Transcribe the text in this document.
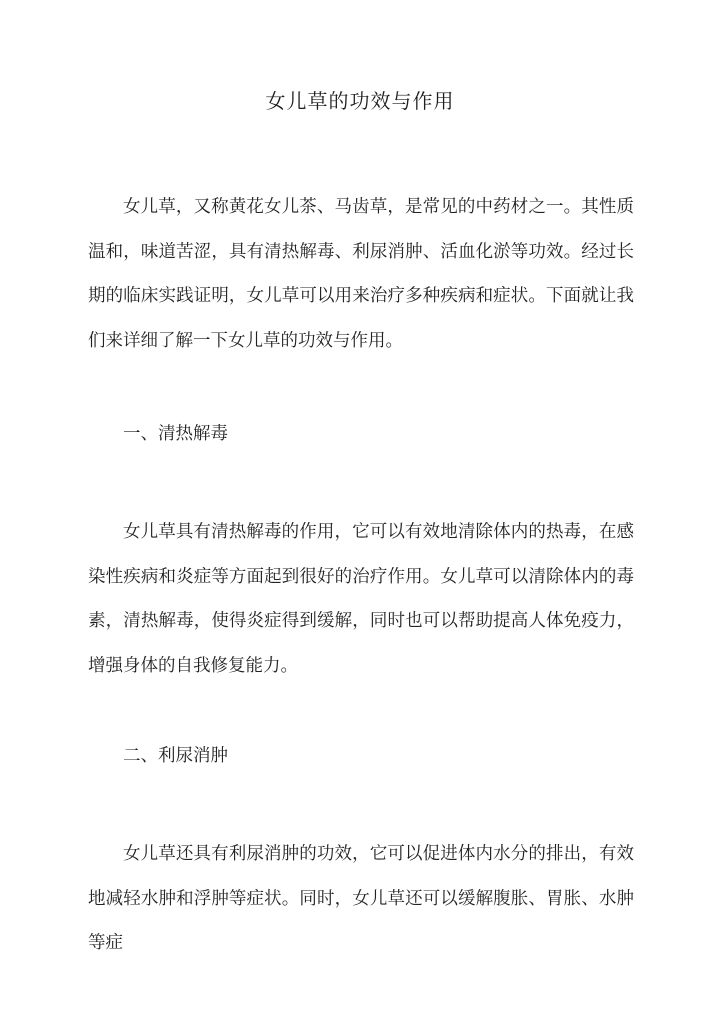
女儿草的功效与作用

女儿草，又称黄花女儿茶、马齿草，是常见的中药材之一。其性质温和，味道苦涩，具有清热解毒、利尿消肿、活血化淤等功效。经过长期的临床实践证明，女儿草可以用来治疗多种疾病和症状。下面就让我们来详细了解一下女儿草的功效与作用。

一、清热解毒

女儿草具有清热解毒的作用，它可以有效地清除体内的热毒，在感染性疾病和炎症等方面起到很好的治疗作用。女儿草可以清除体内的毒素，清热解毒，使得炎症得到缓解，同时也可以帮助提高人体免疫力，增强身体的自我修复能力。

二、利尿消肿

女儿草还具有利尿消肿的功效，它可以促进体内水分的排出，有效地减轻水肿和浮肿等症状。同时，女儿草还可以缓解腹胀、胃胀、水肿等症
